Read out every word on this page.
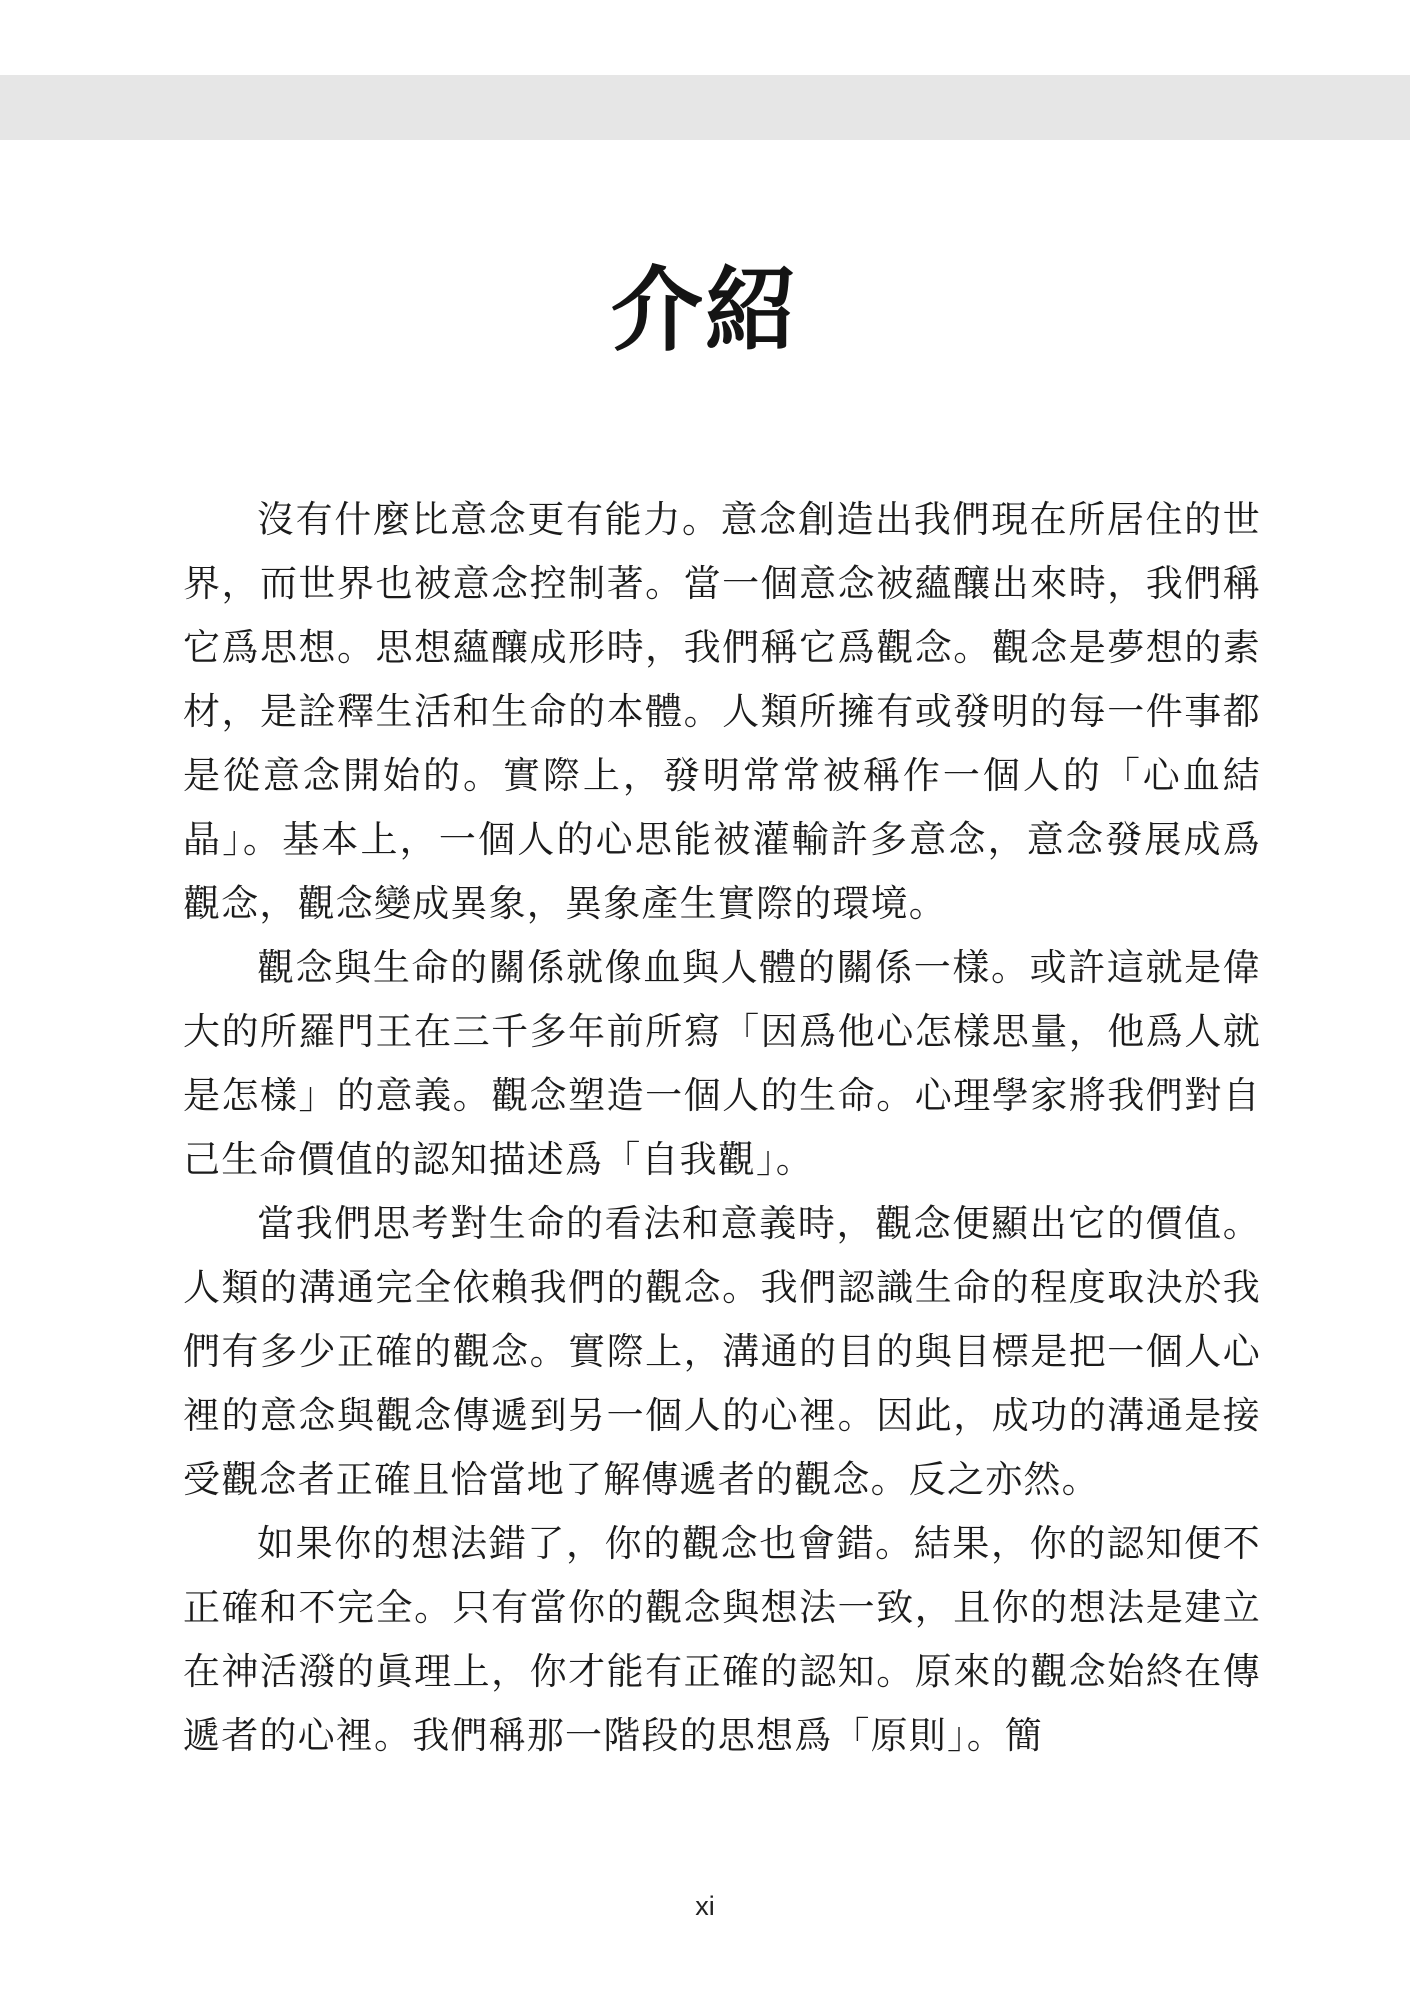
介紹

沒有什麼比意念更有能力。意念創造出我們現在所居住的世界，而世界也被意念控制著。當一個意念被蘊釀出來時，我們稱它爲思想。思想蘊釀成形時，我們稱它爲觀念。觀念是夢想的素材，是詮釋生活和生命的本體。人類所擁有或發明的每一件事都是從意念開始的。實際上，發明常常被稱作一個人的「心血結晶」。基本上，一個人的心思能被灌輸許多意念，意念發展成爲觀念，觀念變成異象，異象產生實際的環境。

觀念與生命的關係就像血與人體的關係一樣。或許這就是偉大的所羅門王在三千多年前所寫「因爲他心怎樣思量，他爲人就是怎樣」的意義。觀念塑造一個人的生命。心理學家將我們對自己生命價值的認知描述爲「自我觀」。

當我們思考對生命的看法和意義時，觀念便顯出它的價值。人類的溝通完全依賴我們的觀念。我們認識生命的程度取決於我們有多少正確的觀念。實際上，溝通的目的與目標是把一個人心裡的意念與觀念傳遞到另一個人的心裡。因此，成功的溝通是接受觀念者正確且恰當地了解傳遞者的觀念。反之亦然。

如果你的想法錯了，你的觀念也會錯。結果，你的認知便不正確和不完全。只有當你的觀念與想法一致，且你的想法是建立在神活潑的眞理上，你才能有正確的認知。原來的觀念始終在傳遞者的心裡。我們稱那一階段的思想爲「原則」。簡

xi
